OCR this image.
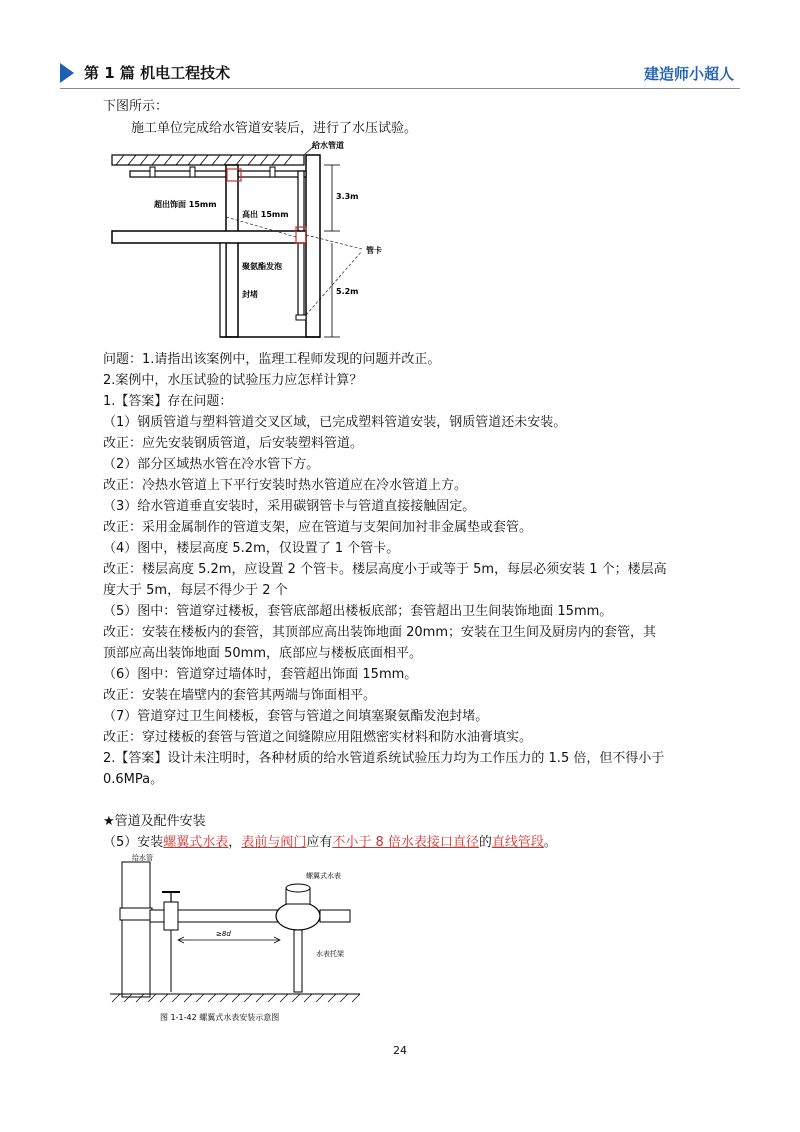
第 1 篇 机电工程技术	建造师小超人
下图所示：
施工单位完成给水管道安装后，进行了水压试验。
给水管道
3.3m
超出饰面 15mm
高出 15mm
管卡
聚氨酯发泡
封堵	5.2m
问题：1.请指出该案例中，监理工程师发现的问题并改正。
2.案例中，水压试验的试验压力应怎样计算？
1.【答案】存在问题：
（1）钢质管道与塑料管道交叉区域，已完成塑料管道安装，钢质管道还未安装。
改正：应先安装钢质管道，后安装塑料管道。
（2）部分区域热水管在冷水管下方。
改正：冷热水管道上下平行安装时热水管道应在冷水管道上方。
（3）给水管道垂直安装时，采用碳钢管卡与管道直接接触固定。
改正：采用金属制作的管道支架，应在管道与支架间加衬非金属垫或套管。
（4）图中，楼层高度 5.2m，仅设置了 1 个管卡。
改正：楼层高度 5.2m，应设置 2 个管卡。楼层高度小于或等于 5m，每层必须安装 1 个；楼层高
度大于 5m，每层不得少于 2 个
（5）图中：管道穿过楼板，套管底部超出楼板底部；套管超出卫生间装饰地面 15mm。
改正：安装在楼板内的套管，其顶部应高出装饰地面 20mm；安装在卫生间及厨房内的套管，其
顶部应高出装饰地面 50mm，底部应与楼板底面相平。
（6）图中：管道穿过墙体时，套管超出饰面 15mm。
改正：安装在墙壁内的套管其两端与饰面相平。
（7）管道穿过卫生间楼板，套管与管道之间填塞聚氨酯发泡封堵。
改正：穿过楼板的套管与管道之间缝隙应用阻燃密实材料和防水油膏填实。
2.【答案】设计未注明时，各种材质的给水管道系统试验压力均为工作压力的 1.5 倍，但不得小于
0.6MPa。
★管道及配件安装
（5）安装螺翼式水表，表前与阀门应有不小于 8 倍水表接口直径的直线管段。
给水管
螺翼式水表
≥8d
水表托架
图 1-1-42 螺翼式水表安装示意图
24
